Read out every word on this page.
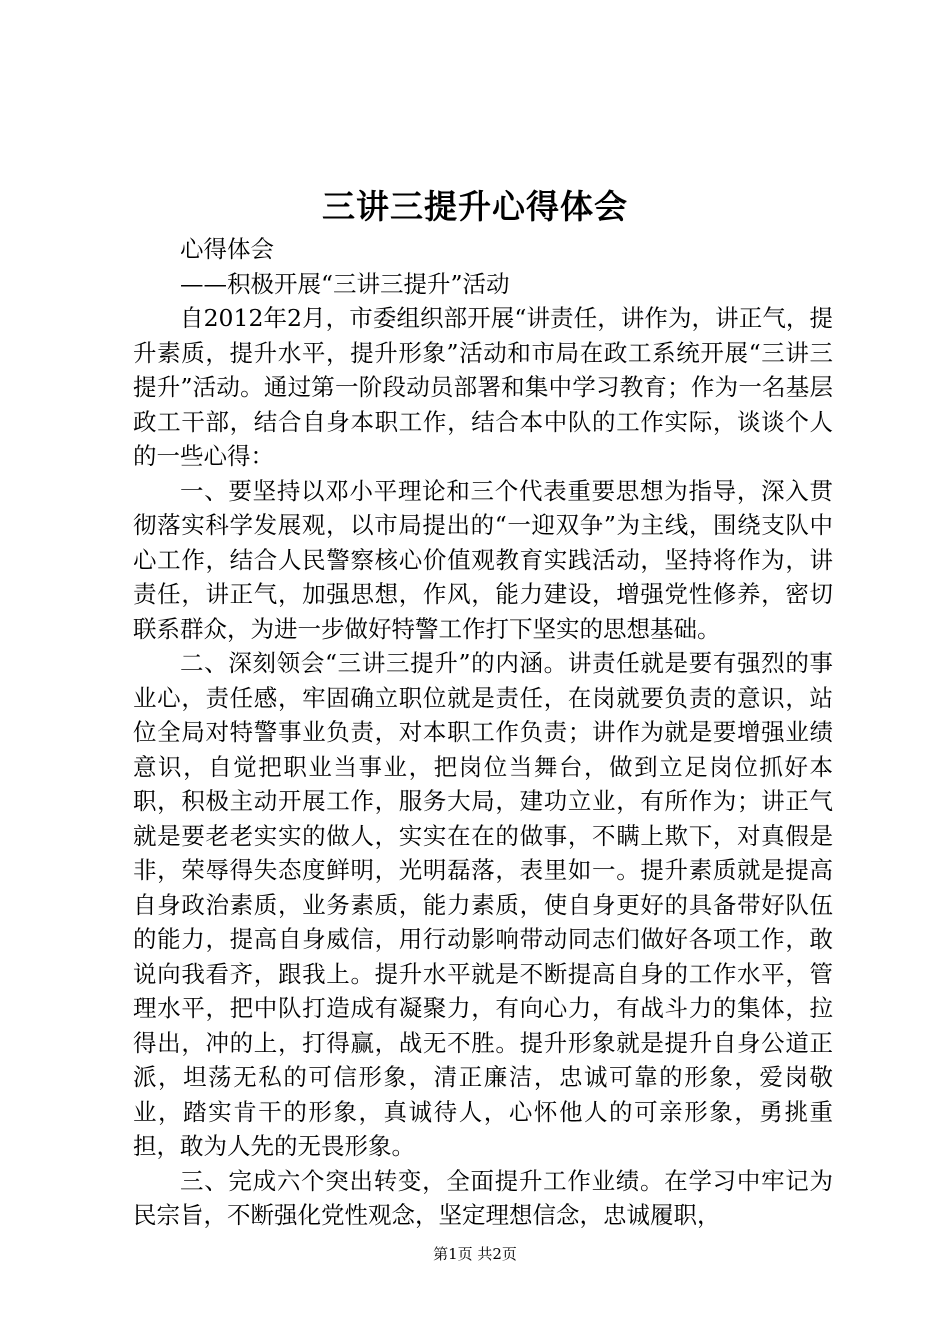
三讲三提升心得体会

心得体会

——积极开展“三讲三提升”活动

自2012年2月，市委组织部开展“讲责任，讲作为，讲正气，提升素质，提升水平，提升形象”活动和市局在政工系统开展“三讲三提升”活动。通过第一阶段动员部署和集中学习教育；作为一名基层政工干部，结合自身本职工作，结合本中队的工作实际，谈谈个人的一些心得：

一、要坚持以邓小平理论和三个代表重要思想为指导，深入贯彻落实科学发展观，以市局提出的“一迎双争”为主线，围绕支队中心工作，结合人民警察核心价值观教育实践活动，坚持将作为，讲责任，讲正气，加强思想，作风，能力建设，增强党性修养，密切联系群众，为进一步做好特警工作打下坚实的思想基础。

二、深刻领会“三讲三提升”的内涵。讲责任就是要有强烈的事业心，责任感，牢固确立职位就是责任，在岗就要负责的意识，站位全局对特警事业负责，对本职工作负责；讲作为就是要增强业绩意识，自觉把职业当事业，把岗位当舞台，做到立足岗位抓好本职，积极主动开展工作，服务大局，建功立业，有所作为；讲正气就是要老老实实的做人，实实在在的做事，不瞒上欺下，对真假是非，荣辱得失态度鲜明，光明磊落，表里如一。提升素质就是提高自身政治素质，业务素质，能力素质，使自身更好的具备带好队伍的能力，提高自身威信，用行动影响带动同志们做好各项工作，敢说向我看齐，跟我上。提升水平就是不断提高自身的工作水平，管理水平，把中队打造成有凝聚力，有向心力，有战斗力的集体，拉得出，冲的上，打得赢，战无不胜。提升形象就是提升自身公道正派，坦荡无私的可信形象，清正廉洁，忠诚可靠的形象，爱岗敬业，踏实肯干的形象，真诚待人，心怀他人的可亲形象，勇挑重担，敢为人先的无畏形象。

三、完成六个突出转变，全面提升工作业绩。在学习中牢记为民宗旨，不断强化党性观念，坚定理想信念，忠诚履职，

第1页 共2页
